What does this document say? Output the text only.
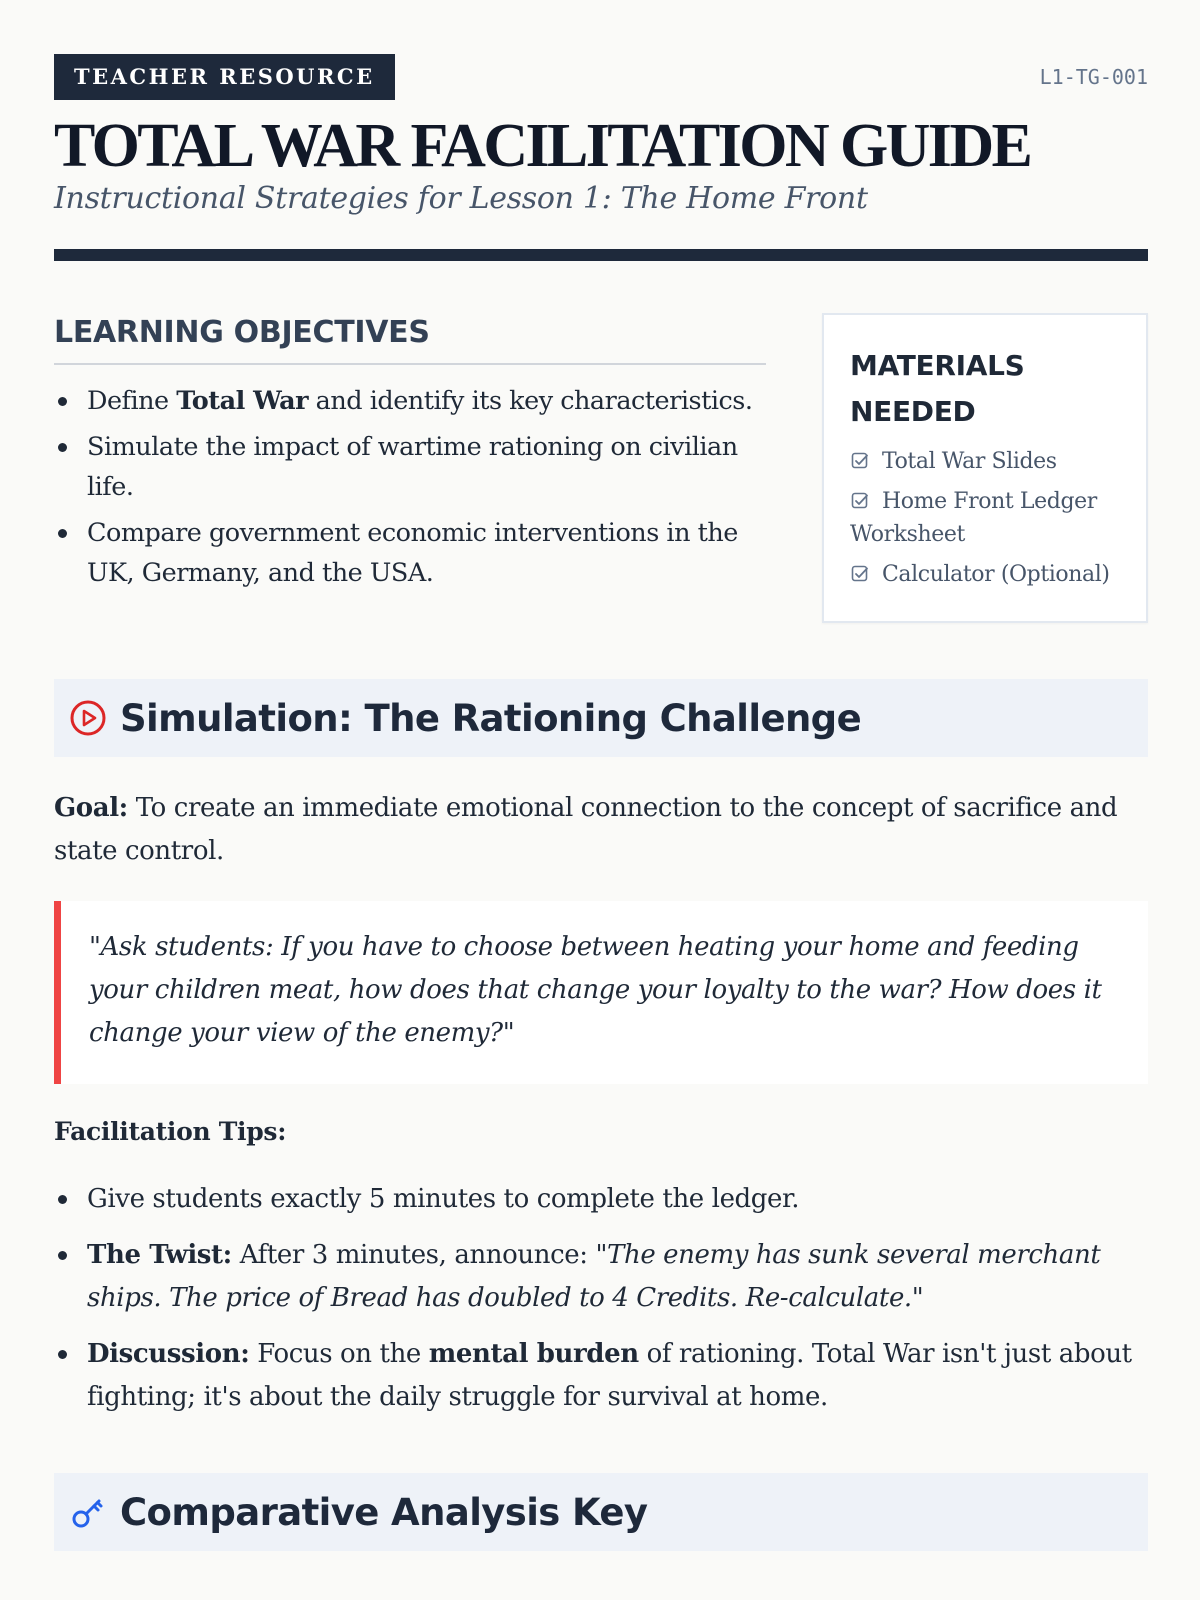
TEACHER RESOURCE	L1-TG-001
TOTAL WAR FACILITATION GUIDE
Instructional Strategies for Lesson 1: The Home Front
LEARNING OBJECTIVES
Define Total War and identify its key characteristics.
Simulate the impact of wartime rationing on civilian life.
Compare government economic interventions in the UK, Germany, and the USA.
MATERIALS
NEEDED
Total War Slides
Home Front Ledger Worksheet
Calculator (Optional)
Simulation: The Rationing Challenge

Goal: To create an immediate emotional connection to the concept of sacrifice and state control.

"Ask students: If you have to choose between heating your home and feeding your children meat, how does that change your loyalty to the war? How does it change your view of the enemy?"
Facilitation Tips:
Give students exactly 5 minutes to complete the ledger.
The Twist: After 3 minutes, announce: "The enemy has sunk several merchant ships. The price of Bread has doubled to 4 Credits. Re-calculate."
Discussion: Focus on the mental burden of rationing. Total War isn't just about fighting; it's about the daily struggle for survival at home.
Comparative Analysis Key
